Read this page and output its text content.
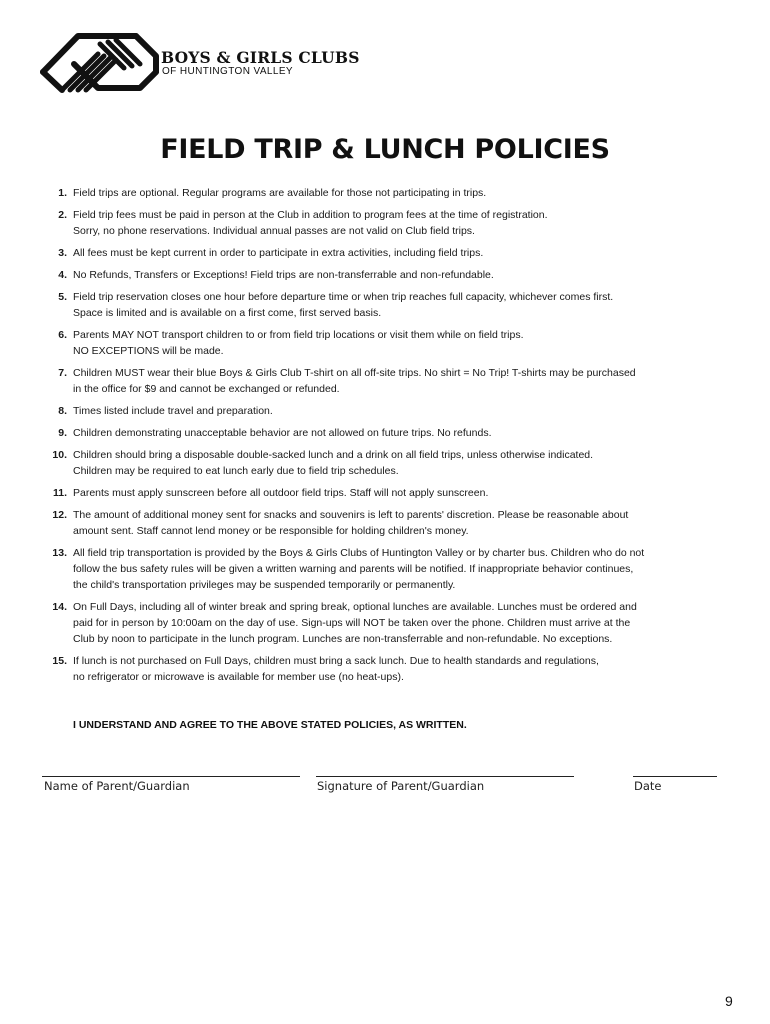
BOYS & GIRLS CLUBS
OF HUNTINGTON VALLEY
FIELD TRIP & LUNCH POLICIES
1. Field trips are optional. Regular programs are available for those not participating in trips.
2. Field trip fees must be paid in person at the Club in addition to program fees at the time of registration.
Sorry, no phone reservations. Individual annual passes are not valid on Club field trips.
3. All fees must be kept current in order to participate in extra activities, including field trips.
4. No Refunds, Transfers or Exceptions! Field trips are non-transferrable and non-refundable.
5. Field trip reservation closes one hour before departure time or when trip reaches full capacity, whichever comes first.
Space is limited and is available on a first come, first served basis.
6. Parents MAY NOT transport children to or from field trip locations or visit them while on field trips.
NO EXCEPTIONS will be made.
7. Children MUST wear their blue Boys & Girls Club T-shirt on all off-site trips. No shirt = No Trip! T-shirts may be purchased
in the office for $9 and cannot be exchanged or refunded.
8. Times listed include travel and preparation.
9. Children demonstrating unacceptable behavior are not allowed on future trips. No refunds.
10. Children should bring a disposable double-sacked lunch and a drink on all field trips, unless otherwise indicated.
Children may be required to eat lunch early due to field trip schedules.
11. Parents must apply sunscreen before all outdoor field trips. Staff will not apply sunscreen.
12. The amount of additional money sent for snacks and souvenirs is left to parents' discretion. Please be reasonable about
amount sent. Staff cannot lend money or be responsible for holding children's money.
13. All field trip transportation is provided by the Boys & Girls Clubs of Huntington Valley or by charter bus. Children who do not
follow the bus safety rules will be given a written warning and parents will be notified. If inappropriate behavior continues,
the child's transportation privileges may be suspended temporarily or permanently.
14. On Full Days, including all of winter break and spring break, optional lunches are available. Lunches must be ordered and
paid for in person by 10:00am on the day of use. Sign-ups will NOT be taken over the phone. Children must arrive at the
Club by noon to participate in the lunch program. Lunches are non-transferrable and non-refundable. No exceptions.
15. If lunch is not purchased on Full Days, children must bring a sack lunch. Due to health standards and regulations,
no refrigerator or microwave is available for member use (no heat-ups).
I UNDERSTAND AND AGREE TO THE ABOVE STATED POLICIES, AS WRITTEN.
Name of Parent/Guardian	Signature of Parent/Guardian	Date
9
